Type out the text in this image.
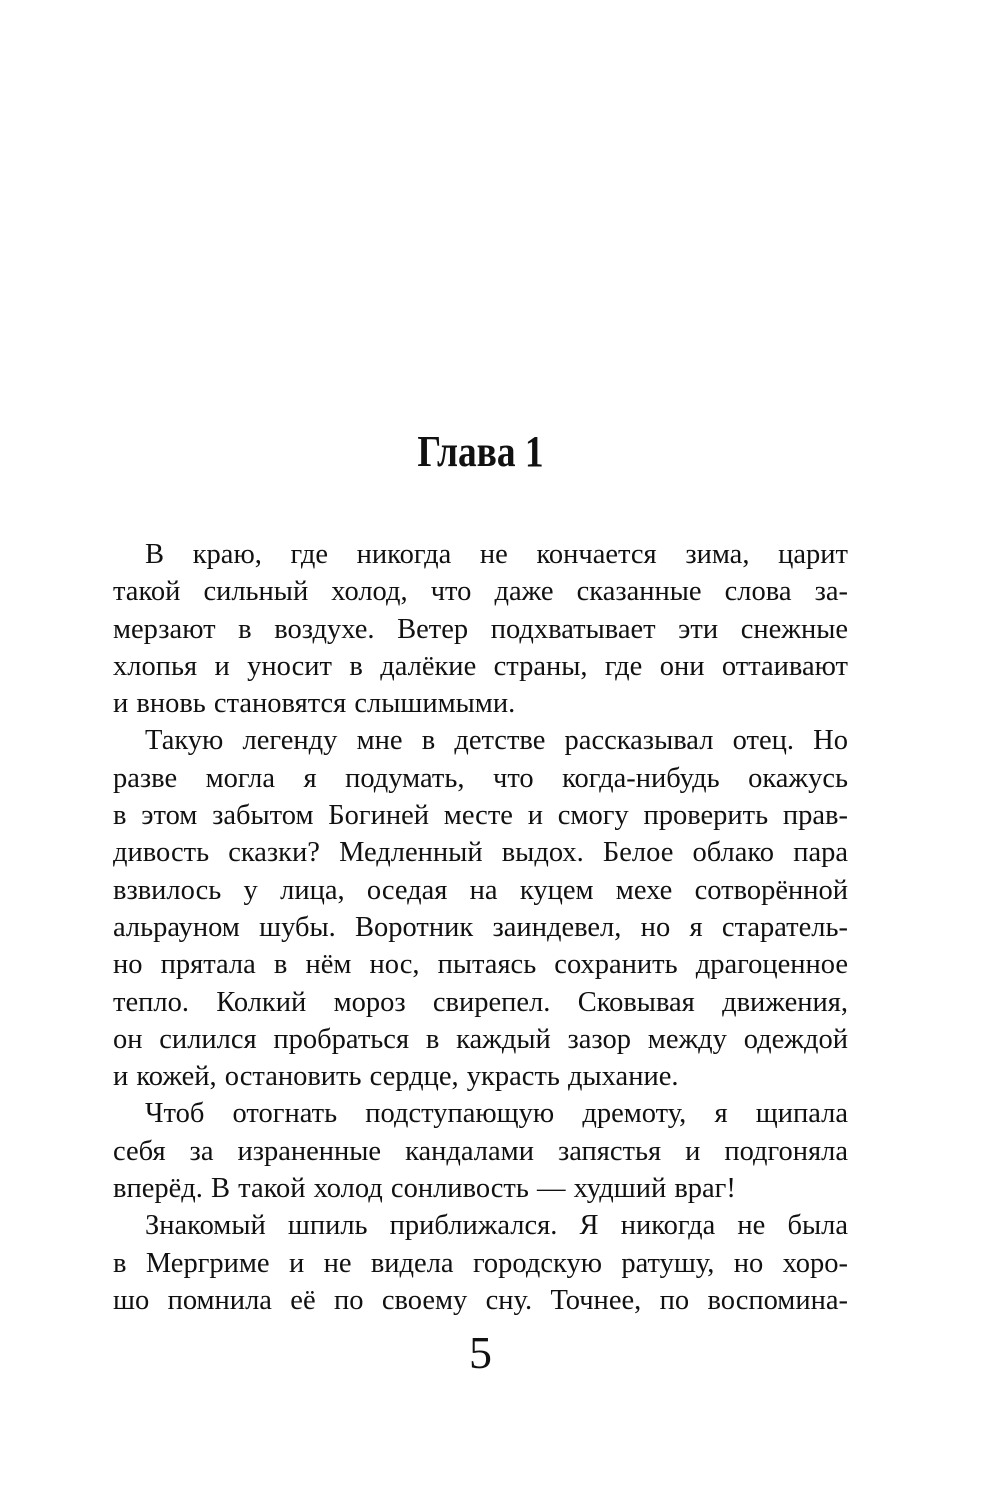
Глава 1
В краю, где никогда не кончается зима, царит
такой сильный холод, что даже сказанные слова за-
мерзают в воздухе. Ветер подхватывает эти снежные
хлопья и уносит в далёкие страны, где они оттаивают
и вновь становятся слышимыми.
Такую легенду мне в детстве рассказывал отец. Но
разве могла я подумать, что когда-нибудь окажусь
в этом забытом Богиней месте и смогу проверить прав-
дивость сказки? Медленный выдох. Белое облако пара
взвилось у лица, оседая на куцем мехе сотворённой
альрауном шубы. Воротник заиндевел, но я старатель-
но прятала в нём нос, пытаясь сохранить драгоценное
тепло. Колкий мороз свирепел. Сковывая движения,
он силился пробраться в каждый зазор между одеждой
и кожей, остановить сердце, украсть дыхание.
Чтоб отогнать подступающую дремоту, я щипала
себя за израненные кандалами запястья и подгоняла
вперёд. В такой холод сонливость — худший враг!
Знакомый шпиль приближался. Я никогда не была
в Мергриме и не видела городскую ратушу, но хоро-
шо помнила её по своему сну. Точнее, по воспомина-
5
